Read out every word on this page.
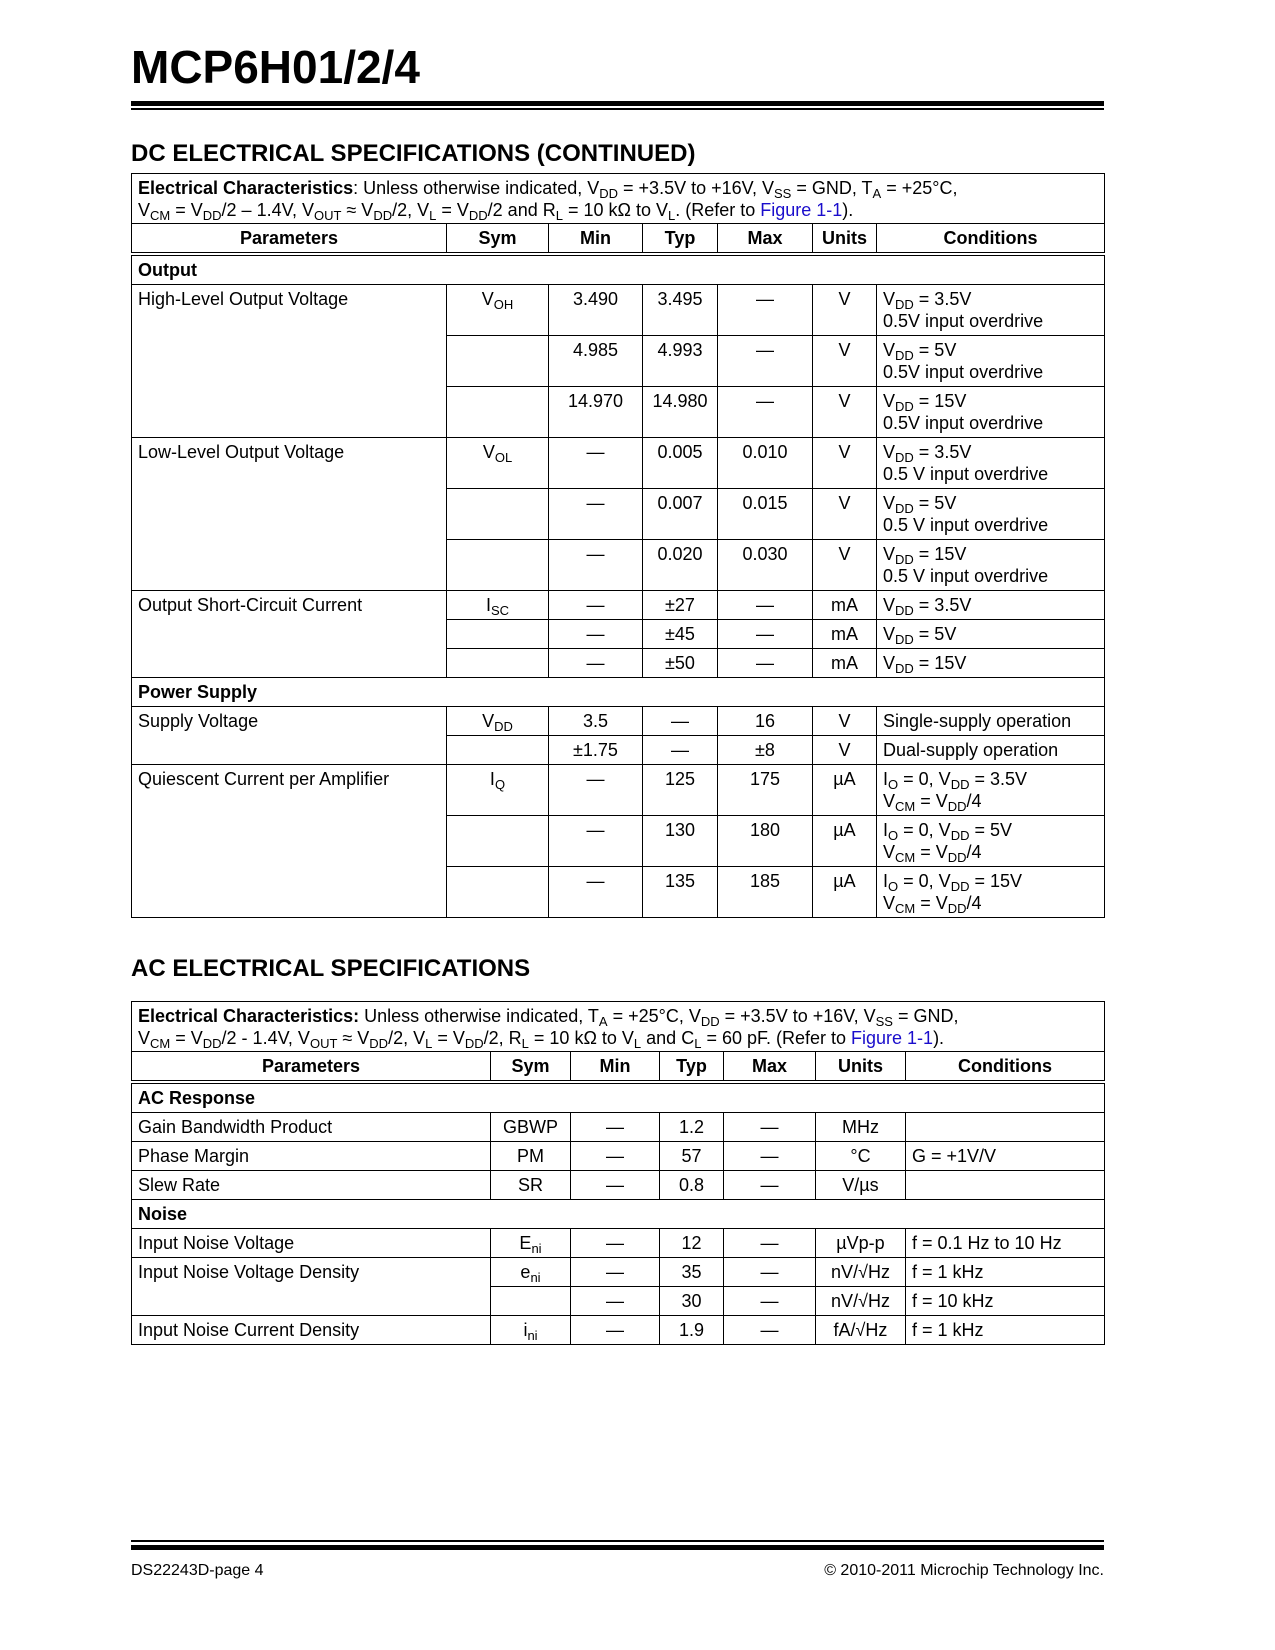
MCP6H01/2/4
DC ELECTRICAL SPECIFICATIONS (CONTINUED)
Electrical Characteristics: Unless otherwise indicated, $V_{DD} = +3.5V$ to +16V, $V_{SS}$ = GND, $T_A = +25^\circ C$,
$V_{CM} = V_{DD}/2 - 1.4V$, $V_{OUT} \approx V_{DD}/2$, $V_L = V_{DD}/2$ and $R_L = 10$ kΩ to $V_L$. (Refer to Figure 1-1).						
Parameters	Sym	Min	Typ	Max	Units	Conditions
Output						
High-Level Output Voltage	$V_{OH}$	3.490	3.495	—	V	$V_{DD} = 3.5V$
0.5V input overdrive
		4.985	4.993	—	V	$V_{DD} = 5V$
0.5V input overdrive
		14.970	14.980	—	V	$V_{DD} = 15V$
0.5V input overdrive
Low-Level Output Voltage	$V_{OL}$	—	0.005	0.010	V	$V_{DD} = 3.5V$
0.5 V input overdrive
		—	0.007	0.015	V	$V_{DD} = 5V$
0.5 V input overdrive
		—	0.020	0.030	V	$V_{DD} = 15V$
0.5 V input overdrive
Output Short-Circuit Current	$I_{SC}$	—	±27	—	mA	$V_{DD} = 3.5V$
		—	±45	—	mA	$V_{DD} = 5V$
		—	±50	—	mA	$V_{DD} = 15V$
Power Supply						
Supply Voltage	$V_{DD}$	3.5	—	16	V	Single-supply operation
		±1.75	—	±8	V	Dual-supply operation
Quiescent Current per Amplifier	$I_Q$	—	125	175	µA	$I_O = 0$, $V_{DD} = 3.5V$
$V_{CM} = V_{DD}/4$
		—	130	180	µA	$I_O = 0$, $V_{DD} = 5V$
$V_{CM} = V_{DD}/4$
		—	135	185	µA	$I_O = 0$, $V_{DD} = 15V$
$V_{CM} = V_{DD}/4$
AC ELECTRICAL SPECIFICATIONS
Electrical Characteristics: Unless otherwise indicated, $T_A = +25^\circ C$, $V_{DD} = +3.5V$ to +16V, $V_{SS}$ = GND,
$V_{CM} = V_{DD}/2 - 1.4V$, $V_{OUT} \approx V_{DD}/2$, $V_L = V_{DD}/2$, $R_L = 10$ kΩ to $V_L$ and $C_L = 60$ pF. (Refer to Figure 1-1).						
Parameters	Sym	Min	Typ	Max	Units	Conditions
AC Response						
Gain Bandwidth Product	GBWP	—	1.2	—	MHz	
Phase Margin	PM	—	57	—	°C	G = +1V/V
Slew Rate	SR	—	0.8	—	V/µs	
Noise						
Input Noise Voltage	$E_{ni}$	—	12	—	µVp-p	f = 0.1 Hz to 10 Hz
Input Noise Voltage Density	$e_{ni}$	—	35	—	nV/√Hz	f = 1 kHz
		—	30	—	nV/√Hz	f = 10 kHz
Input Noise Current Density	$i_{ni}$	—	1.9	—	fA/√Hz	f = 1 kHz
DS22243D-page 4	© 2010-2011 Microchip Technology Inc.
